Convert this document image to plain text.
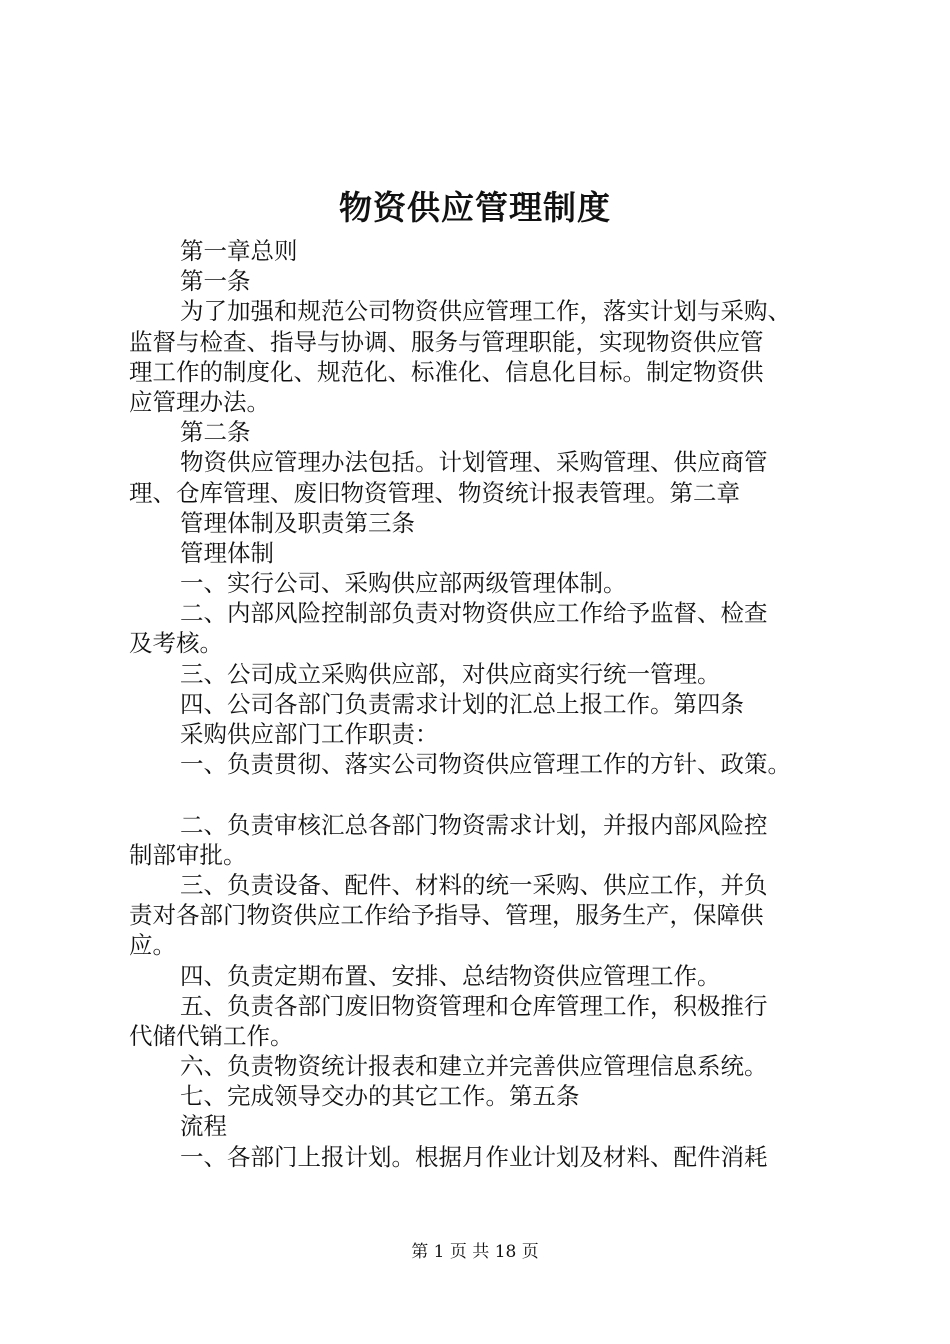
物资供应管理制度
第一章总则
第一条
为了加强和规范公司物资供应管理工作，落实计划与采购、
监督与检查、指导与协调、服务与管理职能，实现物资供应管
理工作的制度化、规范化、标准化、信息化目标。制定物资供
应管理办法。
第二条
物资供应管理办法包括。计划管理、采购管理、供应商管
理、仓库管理、废旧物资管理、物资统计报表管理。第二章
管理体制及职责第三条
管理体制
一、实行公司、采购供应部两级管理体制。
二、内部风险控制部负责对物资供应工作给予监督、检查
及考核。
三、公司成立采购供应部，对供应商实行统一管理。
四、公司各部门负责需求计划的汇总上报工作。第四条
采购供应部门工作职责：
一、负责贯彻、落实公司物资供应管理工作的方针、政策。
二、负责审核汇总各部门物资需求计划，并报内部风险控
制部审批。
三、负责设备、配件、材料的统一采购、供应工作，并负
责对各部门物资供应工作给予指导、管理，服务生产，保障供
应。
四、负责定期布置、安排、总结物资供应管理工作。
五、负责各部门废旧物资管理和仓库管理工作，积极推行
代储代销工作。
六、负责物资统计报表和建立并完善供应管理信息系统。
七、完成领导交办的其它工作。第五条
流程
一、各部门上报计划。根据月作业计划及材料、配件消耗
第 1 页 共 18 页
